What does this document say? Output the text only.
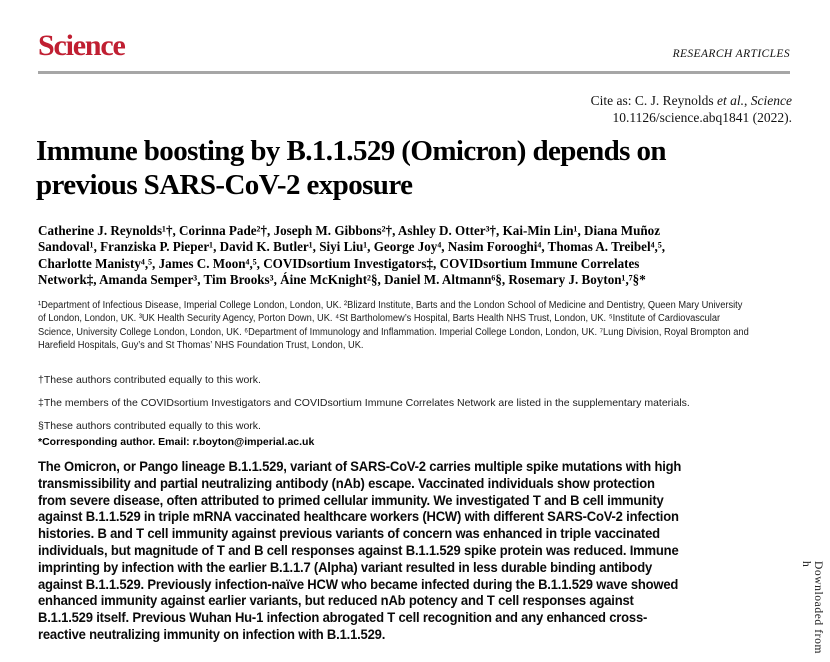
Science	RESEARCH ARTICLES
Cite as: C. J. Reynolds et al., Science
10.1126/science.abq1841 (2022).
Immune boosting by B.1.1.529 (Omicron) depends on
previous SARS-CoV-2 exposure
Catherine J. Reynolds¹†, Corinna Pade²†, Joseph M. Gibbons²†, Ashley D. Otter³†, Kai-Min Lin¹, Diana Muñoz
Sandoval¹, Franziska P. Pieper¹, David K. Butler¹, Siyi Liu¹, George Joy⁴, Nasim Forooghi⁴, Thomas A. Treibel⁴,⁵,
Charlotte Manisty⁴,⁵, James C. Moon⁴,⁵, COVIDsortium Investigators‡, COVIDsortium Immune Correlates
Network‡, Amanda Semper³, Tim Brooks³, Áine McKnight²§, Daniel M. Altmann⁶§, Rosemary J. Boyton¹,⁷§*
¹Department of Infectious Disease, Imperial College London, London, UK. ²Blizard Institute, Barts and the London School of Medicine and Dentistry, Queen Mary University
of London, London, UK. ³UK Health Security Agency, Porton Down, UK. ⁴St Bartholomew’s Hospital, Barts Health NHS Trust, London, UK. ⁵Institute of Cardiovascular
Science, University College London, London, UK. ⁶Department of Immunology and Inflammation. Imperial College London, London, UK. ⁷Lung Division, Royal Brompton and
Harefield Hospitals, Guy’s and St Thomas’ NHS Foundation Trust, London, UK.
†These authors contributed equally to this work.
‡The members of the COVIDsortium Investigators and COVIDsortium Immune Correlates Network are listed in the supplementary materials.
§These authors contributed equally to this work.
*Corresponding author. Email: r.boyton@imperial.ac.uk
The Omicron, or Pango lineage B.1.1.529, variant of SARS-CoV-2 carries multiple spike mutations with high
transmissibility and partial neutralizing antibody (nAb) escape. Vaccinated individuals show protection
from severe disease, often attributed to primed cellular immunity. We investigated T and B cell immunity
against B.1.1.529 in triple mRNA vaccinated healthcare workers (HCW) with different SARS-CoV-2 infection
histories. B and T cell immunity against previous variants of concern was enhanced in triple vaccinated
individuals, but magnitude of T and B cell responses against B.1.1.529 spike protein was reduced. Immune
imprinting by infection with the earlier B.1.1.7 (Alpha) variant resulted in less durable binding antibody
against B.1.1.529. Previously infection-naïve HCW who became infected during the B.1.1.529 wave showed
enhanced immunity against earlier variants, but reduced nAb potency and T cell responses against
B.1.1.529 itself. Previous Wuhan Hu-1 infection abrogated T cell recognition and any enhanced cross-
reactive neutralizing immunity on infection with B.1.1.529.	Downloaded from h
